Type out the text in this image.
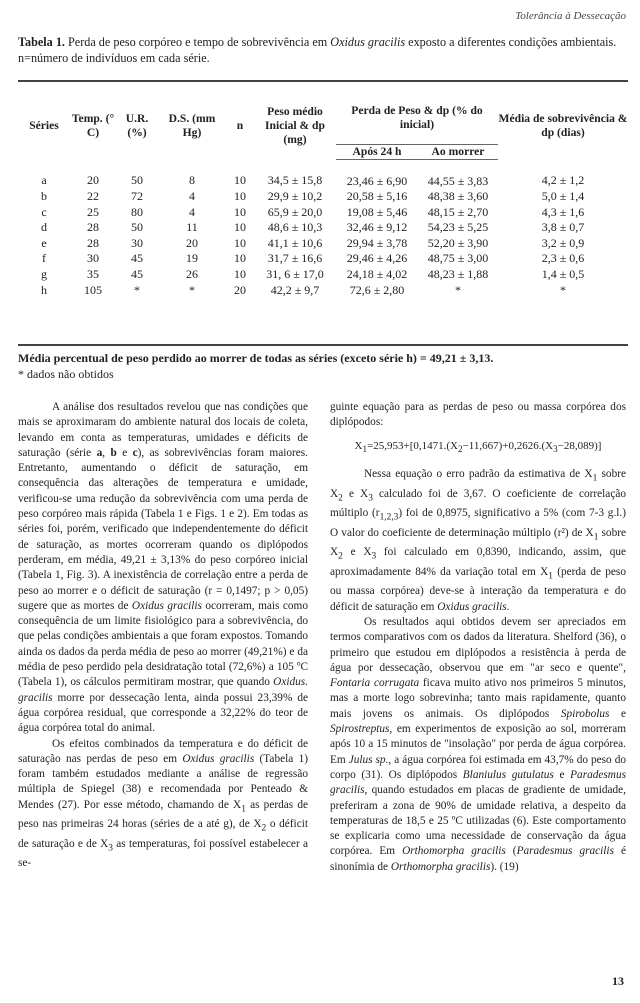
Tolerância à Dessecação
Tabela 1. Perda de peso corpóreo e tempo de sobrevivência em Oxidus gracilis exposto a diferentes condições ambientais. n=número de indivíduos em cada série.
Séries	Temp. (° C)	U.R. (%)	D.S. (mm Hg)	n	Peso médio Inicial & dp (mg)	Perda de Peso & dp (% do inicial)		Média de sobrevivência & dp (dias)
						Após 24 h	Ao morrer	
a	20	50	8	10	34,5 ± 15,8	23,46 ± 6,90	44,55 ± 3,83	4,2 ± 1,2
b	22	72	4	10	29,9 ± 10,2	20,58 ± 5,16	48,38 ± 3,60	5,0 ± 1,4
c	25	80	4	10	65,9 ± 20,0	19,08 ± 5,46	48,15 ± 2,70	4,3 ± 1,6
d	28	50	11	10	48,6 ± 10,3	32,46 ± 9,12	54,23 ± 5,25	3,8 ± 0,7
e	28	30	20	10	41,1 ± 10,6	29,94 ± 3,78	52,20 ± 3,90	3,2 ± 0,9
f	30	45	19	10	31,7 ± 16,6	29,46 ± 4,26	48,75 ± 3,00	2,3 ± 0,6
g	35	45	26	10	31, 6 ± 17,0	24,18 ± 4,02	48,23 ± 1,88	1,4 ± 0,5
h	105	*	*	20	42,2 ± 9,7	72,6 ± 2,80	*	*
Média percentual de peso perdido ao morrer de todas as séries (exceto série h) = 49,21 ± 3,13.
* dados não obtidos

A análise dos resultados revelou que nas condições que mais se aproximaram do ambiente natural dos locais de coleta, levando em conta as temperaturas, umidades e déficits de saturação (série a, b e c), as sobrevivências foram maiores. Entretanto, aumentando o déficit de saturação, em consequência das alterações de temperatura e umidade, verificou-se uma redução da sobrevivência com uma perda de peso corpóreo mais rápida (Tabela 1 e Figs. 1 e 2). Em todas as séries foi, porém, verificado que independentemente do déficit de saturação, as mortes ocorreram quando os diplópodos perderam, em média, 49,21 ± 3,13% do peso corpóreo inicial (Tabela 1, Fig. 3). A inexistência de correlação entre a perda de peso ao morrer e o déficit de saturação (r = 0,1497; p > 0,05) sugere que as mortes de Oxidus gracilis ocorreram, mais como consequência de um limite fisiológico para a sobrevivência, do que pelas condições ambientais a que foram expostos. Tomando ainda os dados da perda média de peso ao morrer (49,21%) e da média de peso perdido pela desidratação total (72,6%) a 105 ºC (Tabela 1), os cálculos permitiram mostrar, que quando Oxidus. gracilis morre por dessecação lenta, ainda possui 23,39% de água corpórea residual, que corresponde a 32,22% do teor de água corpórea total do animal.

Os efeitos combinados da temperatura e do déficit de saturação nas perdas de peso em Oxidus gracilis (Tabela 1) foram também estudados mediante a análise de regressão múltipla de Spiegel (38) e recomendada por Penteado & Mendes (27). Por esse método, chamando de $X_1$ as perdas de peso nas primeiras 24 horas (séries de a até g), de $X_2$ o déficit de saturação e de $X_3$ as temperaturas, foi possível estabelecer a se-

guinte equação para as perdas de peso ou massa corpórea dos diplópodos:

$X_1=25,953+[0,1471.(X_2-11,667)+0,2626.(X_3-28,089)]$

Nessa equação o erro padrão da estimativa de $X_1$ sobre $X_2$ e $X_3$ calculado foi de 3,67. O coeficiente de correlação múltiplo $(r_{1,2,3})$ foi de 0,8975, significativo a 5% (com 7-3 g.l.) O valor do coeficiente de determinação múltiplo (r²) de $X_1$ sobre $X_2$ e $X_3$ foi calculado em 0,8390, indicando, assim, que aproximadamente 84% da variação total em $X_1$ (perda de peso ou massa corpórea) deve-se à interação da temperatura e do déficit de saturação em Oxidus gracilis.

Os resultados aqui obtidos devem ser apreciados em termos comparativos com os dados da literatura. Shelford (36), o primeiro que estudou em diplópodos a resistência à perda de água por dessecação, observou que em "ar seco e quente", Fontaria corrugata ficava muito ativo nos primeiros 5 minutos, mas a morte logo sobrevinha; tanto mais rapidamente, quanto mais jovens os animais. Os diplópodos Spirobolus e Spirostreptus, em experimentos de exposição ao sol, morreram após 10 a 15 minutos de "insolação" por perda de água corpórea. Em Julus sp., a água corpórea foi estimada em 43,7% do peso do corpo (31). Os diplópodos Blaniulus gutulatus e Paradesmus gracilis, quando estudados em placas de gradiente de umidade, preferiram a zona de 90% de umidade relativa, a despeito da temperaturas de 18,5 e 25 ºC utilizadas (6). Este comportamento se explicaria como uma necessidade de conservação da água corpórea. Em Orthomorpha gracilis (Paradesmus gracilis é sinonímia de Orthomorpha gracilis). (19)

13
